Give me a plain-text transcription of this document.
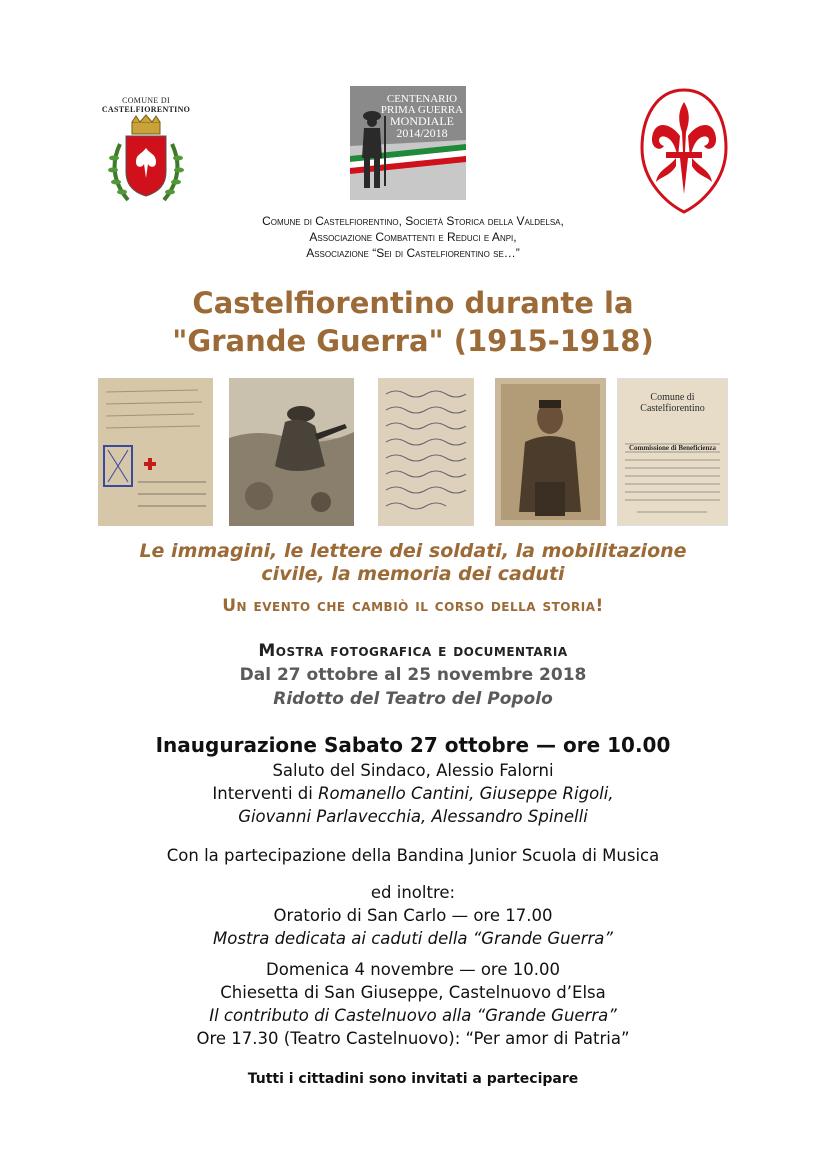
COMUNE DI
CASTELFIORENTINO
CENTENARIO
PRIMA GUERRA
MONDIALE
2014/2018
Comune di Castelfiorentino, Società Storica della Valdelsa,
Associazione Combattenti e Reduci e Anpi,
Associazione “Sei di Castelfiorentino se…”
Castelfiorentino durante la
"Grande Guerra" (1915-1918)
Comune di Castelfiorentino
Commissione di Beneficienza
Le immagini, le lettere dei soldati, la mobilitazione
civile, la memoria dei caduti
Un evento che cambiò il corso della storia!
Mostra fotografica e documentaria
Dal 27 ottobre al 25 novembre 2018
Ridotto del Teatro del Popolo
Inaugurazione Sabato 27 ottobre — ore 10.00
Saluto del Sindaco, Alessio Falorni
Interventi di Romanello Cantini, Giuseppe Rigoli,
Giovanni Parlavecchia, Alessandro Spinelli
Con la partecipazione della Bandina Junior Scuola di Musica
ed inoltre:
Oratorio di San Carlo — ore 17.00
Mostra dedicata ai caduti della “Grande Guerra”
Domenica 4 novembre — ore 10.00
Chiesetta di San Giuseppe, Castelnuovo d’Elsa
Il contributo di Castelnuovo alla “Grande Guerra”
Ore 17.30 (Teatro Castelnuovo): “Per amor di Patria”
Tutti i cittadini sono invitati a partecipare
